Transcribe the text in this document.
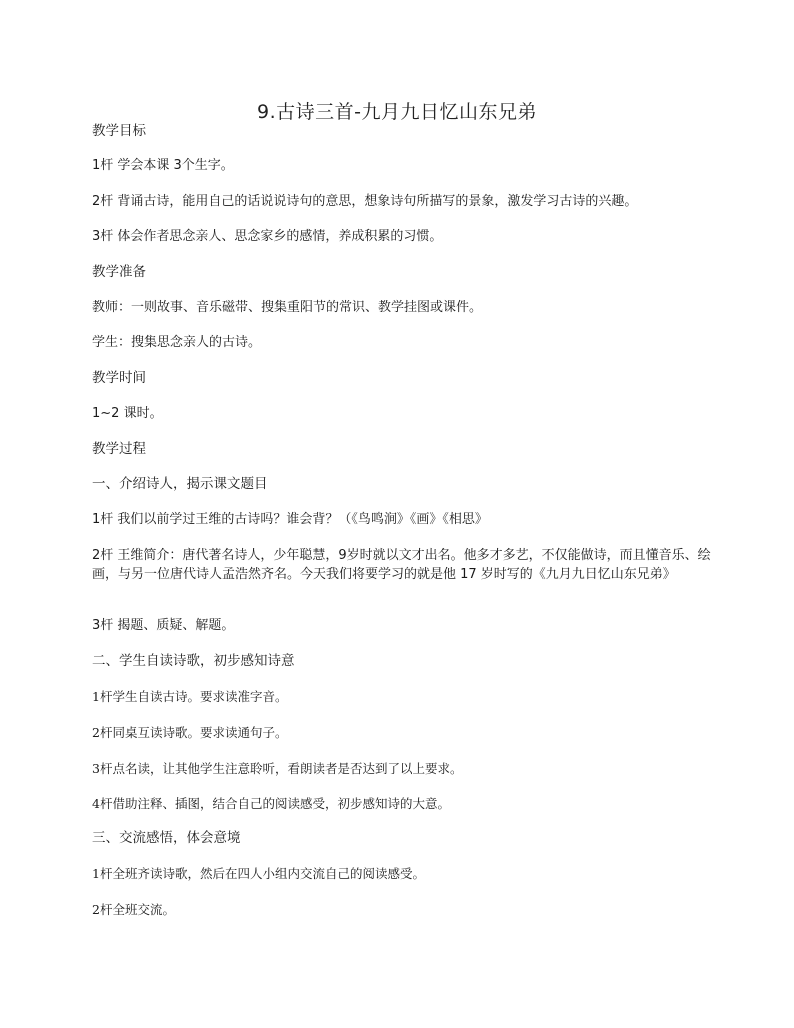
9.古诗三首-九月九日忆山东兄弟
教学目标
1杆 学会本课 3个生字。
2杆 背诵古诗，能用自己的话说说诗句的意思，想象诗句所描写的景象，激发学习古诗的兴趣。
3杆 体会作者思念亲人、思念家乡的感情，养成积累的习惯。
教学准备
教师：一则故事、音乐磁带、搜集重阳节的常识、教学挂图或课件。
学生：搜集思念亲人的古诗。
教学时间
1~2 课时。
教学过程
一、介绍诗人，揭示课文题目
1杆 我们以前学过王维的古诗吗？谁会背？（《鸟鸣涧》《画》《相思》
2杆 王维简介：唐代著名诗人，少年聪慧，9岁时就以文才出名。他多才多艺，不仅能做诗，而且懂音乐、绘画，与另一位唐代诗人孟浩然齐名。今天我们将要学习的就是他 17 岁时写的《九月九日忆山东兄弟》
3杆 揭题、质疑、解题。
二、学生自读诗歌，初步感知诗意
1杆学生自读古诗。要求读准字音。
2杆同桌互读诗歌。要求读通句子。
3杆点名读，让其他学生注意聆听，看朗读者是否达到了以上要求。
4杆借助注释、插图，结合自己的阅读感受，初步感知诗的大意。
三、交流感悟，体会意境
1杆全班齐读诗歌，然后在四人小组内交流自己的阅读感受。
2杆全班交流。
